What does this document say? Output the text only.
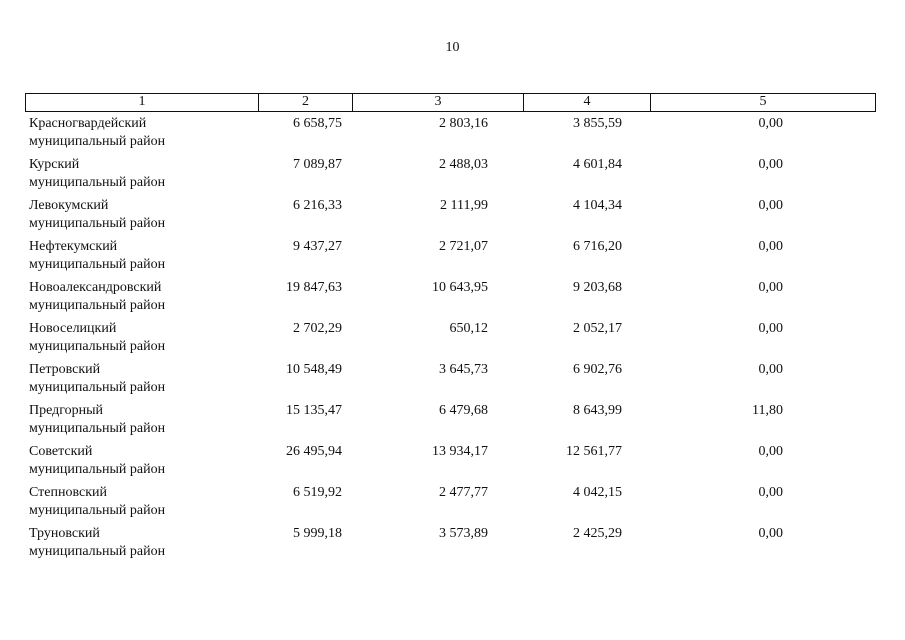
10
1	2	3	4	5
Красногвардейский
муниципальный район
6 658,75	2 803,16	3 855,59	0,00
Курский
муниципальный район
7 089,87	2 488,03	4 601,84	0,00
Левокумский
муниципальный район
6 216,33	2 111,99	4 104,34	0,00
Нефтекумский
муниципальный район
9 437,27	2 721,07	6 716,20	0,00
Новоалександровский
муниципальный район
19 847,63	10 643,95	9 203,68	0,00
Новоселицкий
муниципальный район
2 702,29	650,12	2 052,17	0,00
Петровский
муниципальный район
10 548,49	3 645,73	6 902,76	0,00
Предгорный
муниципальный район
15 135,47	6 479,68	8 643,99	11,80
Советский
муниципальный район
26 495,94	13 934,17	12 561,77	0,00
Степновский
муниципальный район
6 519,92	2 477,77	4 042,15	0,00
Труновский
муниципальный район
5 999,18	3 573,89	2 425,29	0,00
